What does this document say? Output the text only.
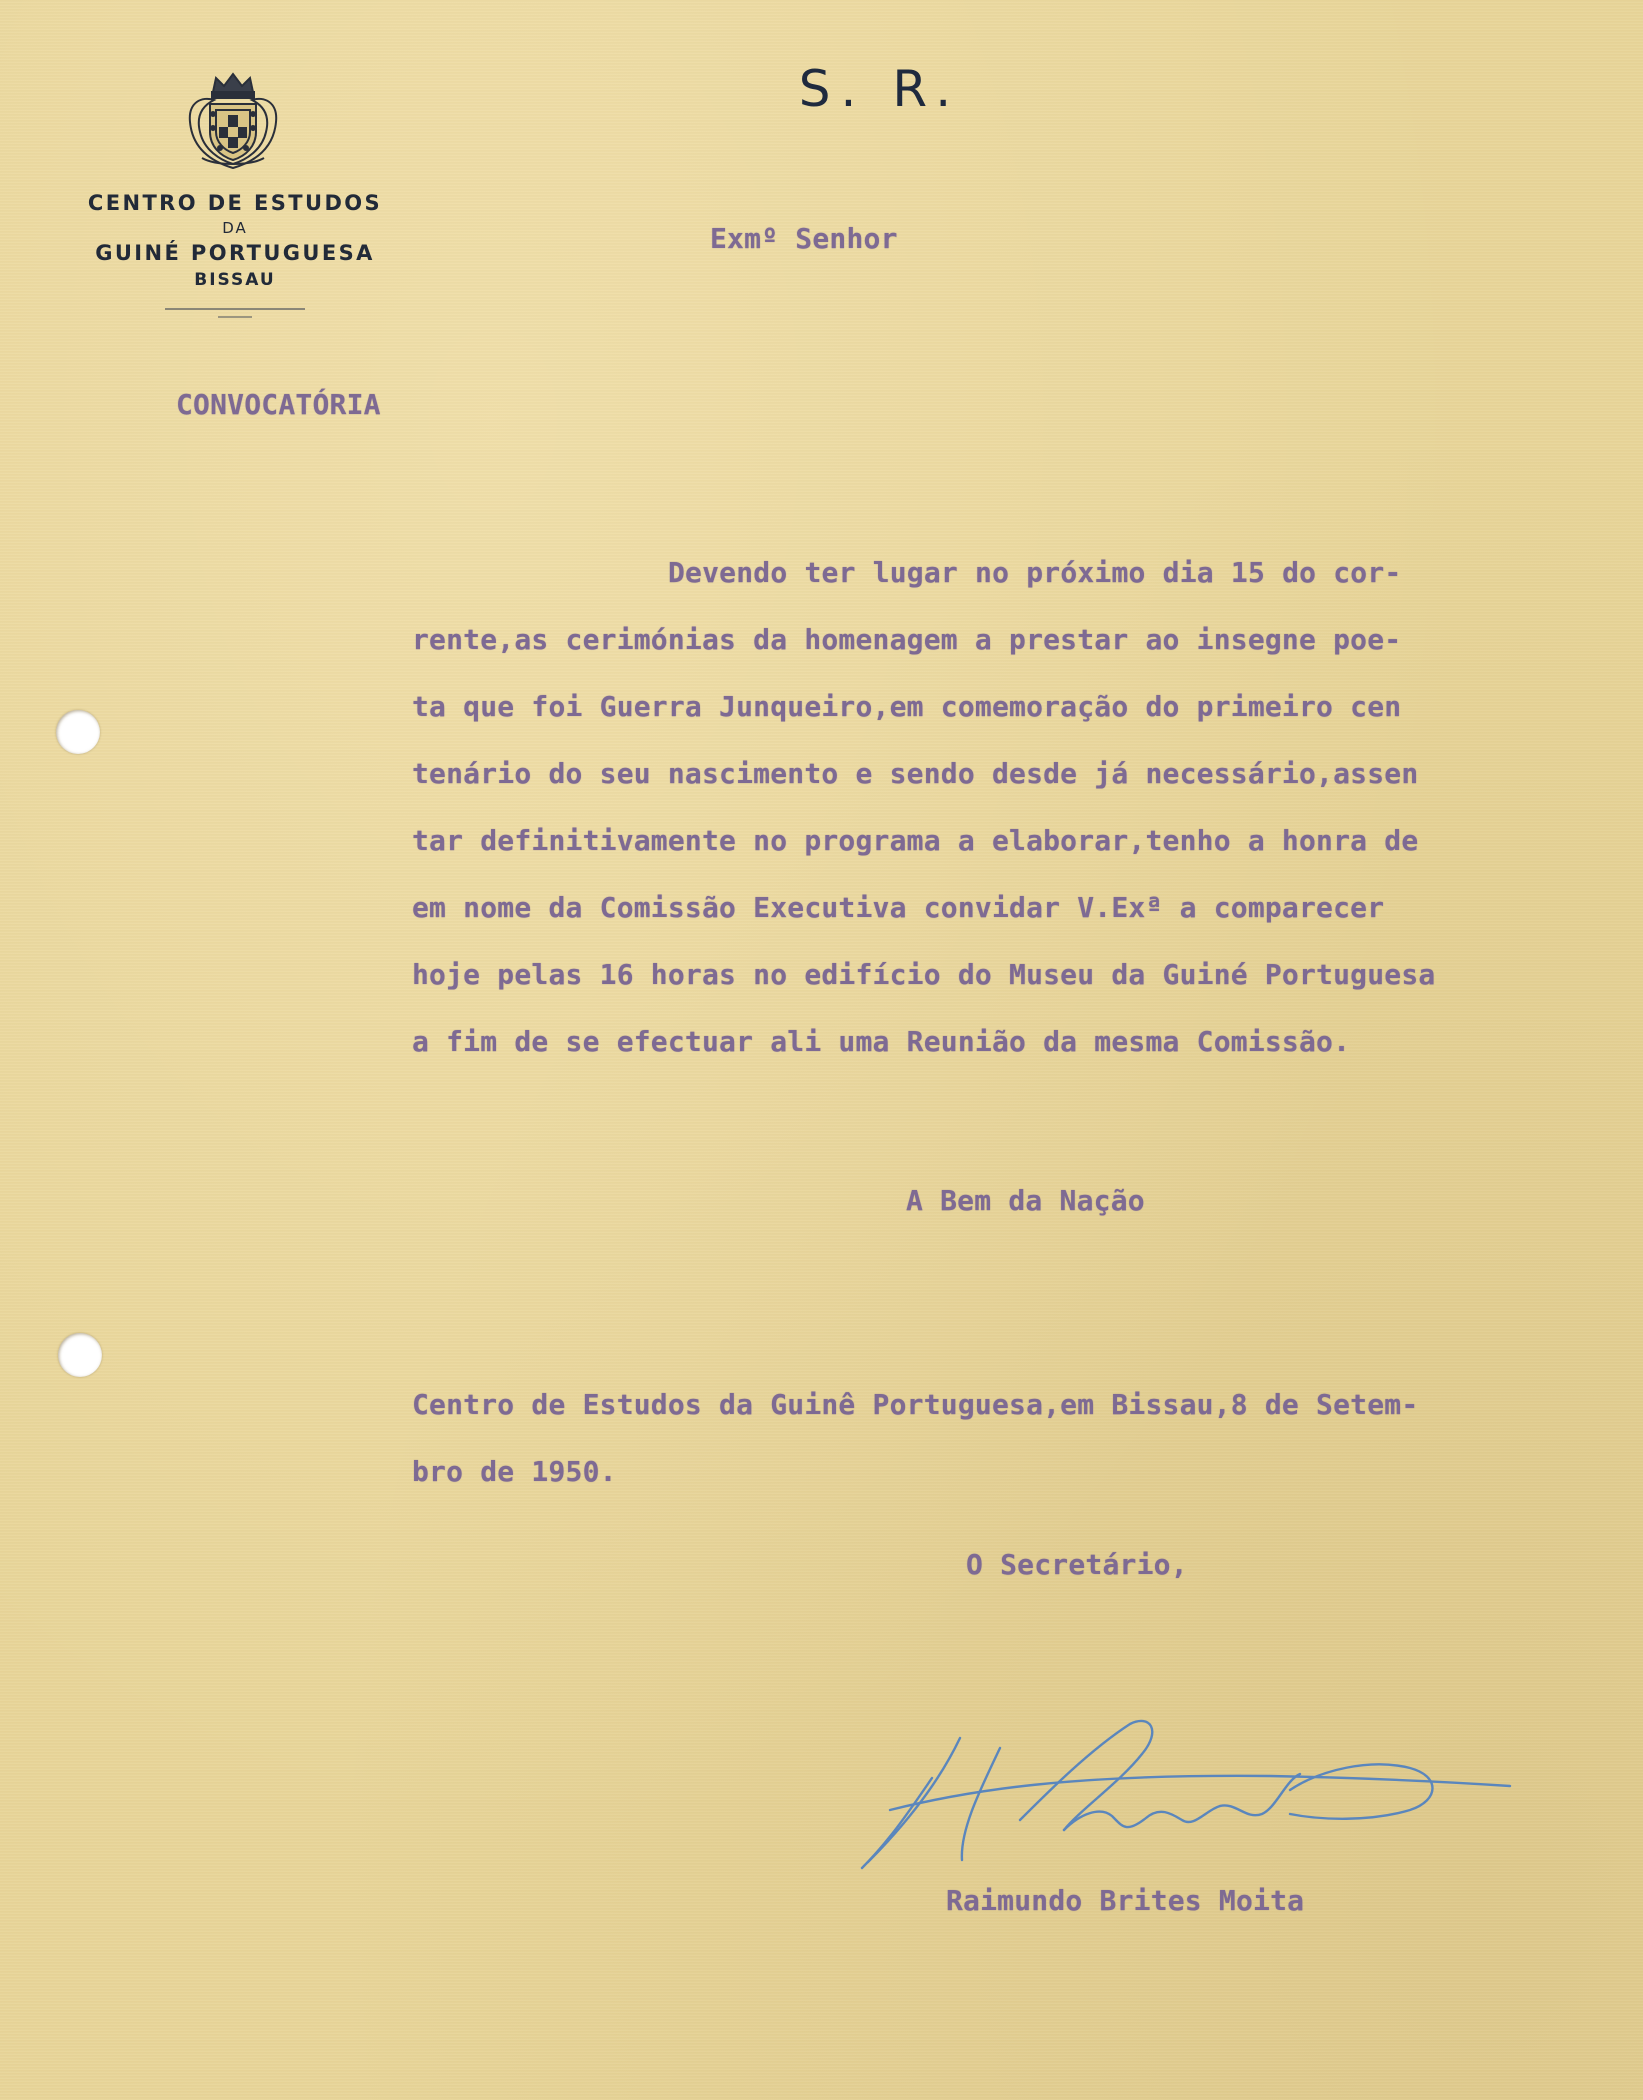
CENTRO DE ESTUDOS
DA
GUINÉ PORTUGUESA
BISSAU
S. R.
Exmº Senhor
CONVOCATÓRIA
Devendo ter lugar no próximo dia 15 do cor-
rente,as cerimónias da homenagem a prestar ao insegne poe-
ta que foi Guerra Junqueiro,em comemoração do primeiro cen
tenário do seu nascimento e sendo desde já necessário,assen
tar definitivamente no programa a elaborar,tenho a honra de
em nome da Comissão Executiva convidar V.Exª a comparecer
hoje pelas 16 horas no edifício do Museu da Guiné Portuguesa
a fim de se efectuar ali uma Reunião da mesma Comissão.
A Bem da Nação
Centro de Estudos da Guinê Portuguesa,em Bissau,8 de Setem-
bro de 1950.
O Secretário,
Raimundo Brites Moita
